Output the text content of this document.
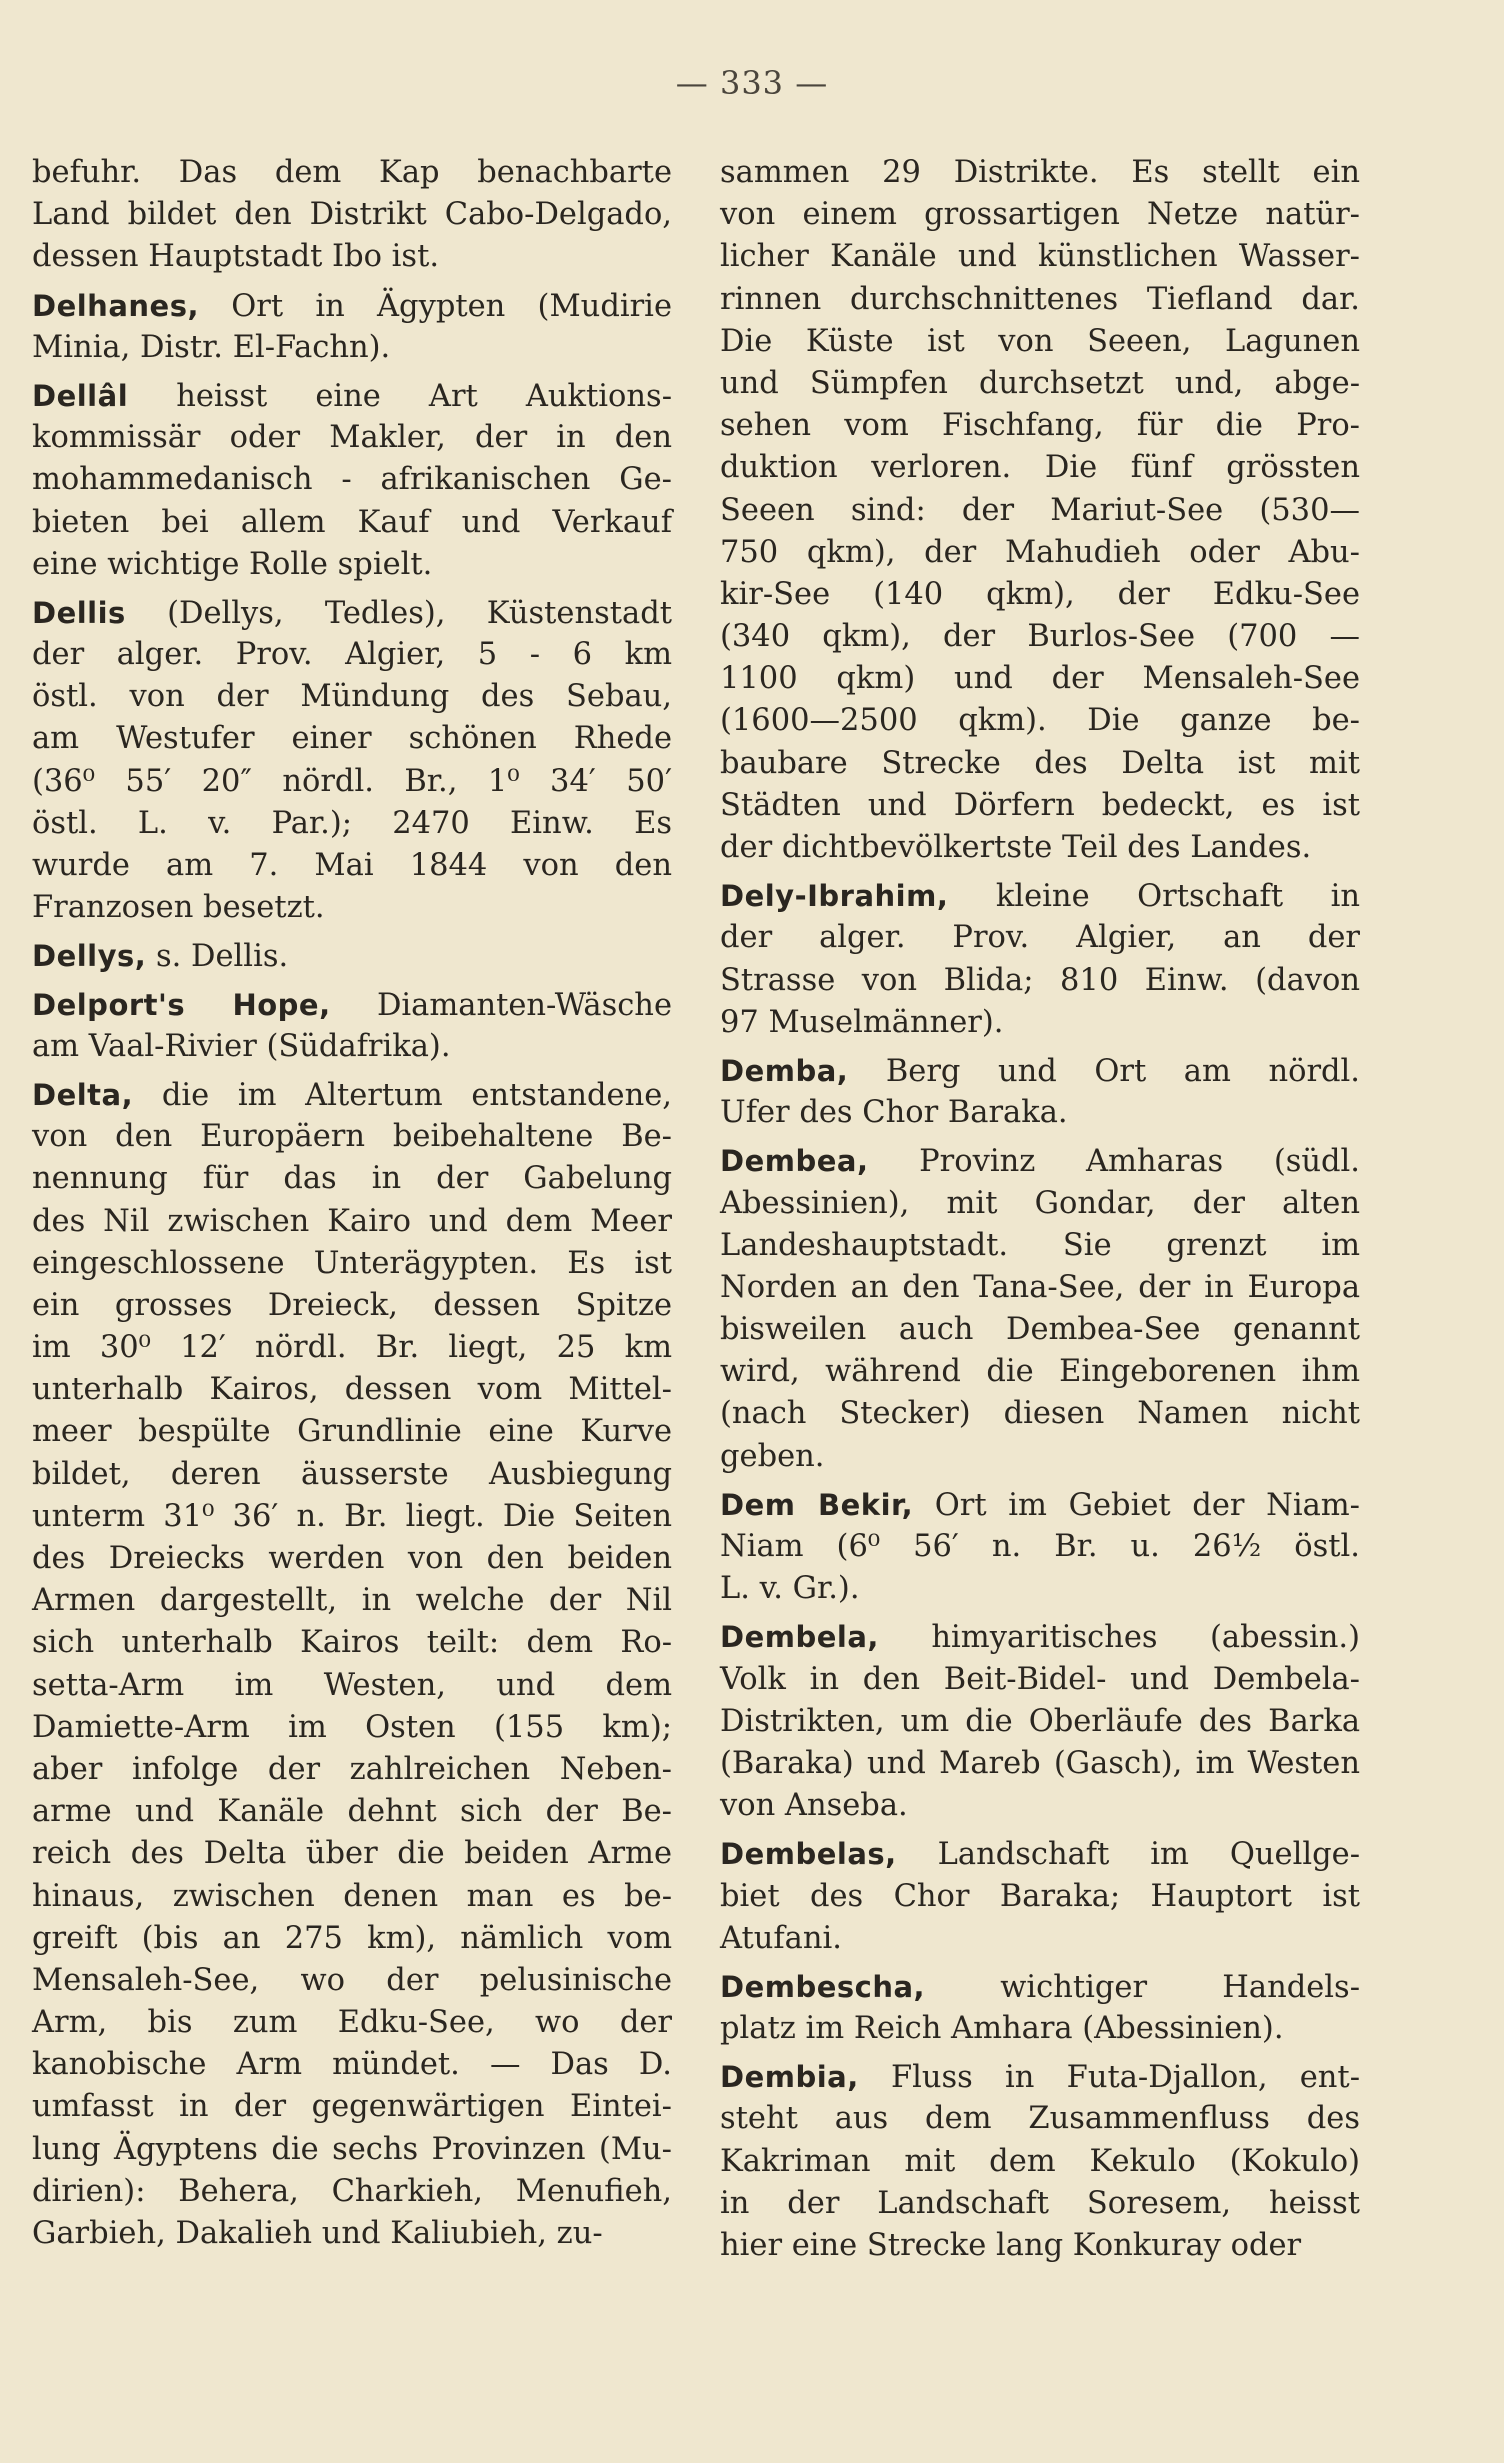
— 333 —
befuhr. Das dem Kap benachbarte
Land bildet den Distrikt Cabo-Delgado,
dessen Hauptstadt Ibo ist.
Delhanes, Ort in Ägypten (Mudirie
Minia, Distr. El-Fachn).
Dellâl heisst eine Art Auktions-
kommissär oder Makler, der in den
mohammedanisch - afrikanischen Ge-
bieten bei allem Kauf und Verkauf
eine wichtige Rolle spielt.
Dellis (Dellys, Tedles), Küstenstadt
der alger. Prov. Algier, 5 - 6 km
östl. von der Mündung des Sebau,
am Westufer einer schönen Rhede
(36⁰ 55′ 20″ nördl. Br., 1⁰ 34′ 50′
östl. L. v. Par.); 2470 Einw. Es
wurde am 7. Mai 1844 von den
Franzosen besetzt.
Dellys, s. Dellis.
Delport's Hope, Diamanten-Wäsche
am Vaal-Rivier (Südafrika).
Delta, die im Altertum entstandene,
von den Europäern beibehaltene Be-
nennung für das in der Gabelung
des Nil zwischen Kairo und dem Meer
eingeschlossene Unterägypten. Es ist
ein grosses Dreieck, dessen Spitze
im 30⁰ 12′ nördl. Br. liegt, 25 km
unterhalb Kairos, dessen vom Mittel-
meer bespülte Grundlinie eine Kurve
bildet, deren äusserste Ausbiegung
unterm 31⁰ 36′ n. Br. liegt. Die Seiten
des Dreiecks werden von den beiden
Armen dargestellt, in welche der Nil
sich unterhalb Kairos teilt: dem Ro-
setta-Arm im Westen, und dem
Damiette-Arm im Osten (155 km);
aber infolge der zahlreichen Neben-
arme und Kanäle dehnt sich der Be-
reich des Delta über die beiden Arme
hinaus, zwischen denen man es be-
greift (bis an 275 km), nämlich vom
Mensaleh-See, wo der pelusinische
Arm, bis zum Edku-See, wo der
kanobische Arm mündet. — Das D.
umfasst in der gegenwärtigen Eintei-
lung Ägyptens die sechs Provinzen (Mu-
dirien): Behera, Charkieh, Menufieh,
Garbieh, Dakalieh und Kaliubieh, zu-
sammen 29 Distrikte. Es stellt ein
von einem grossartigen Netze natür-
licher Kanäle und künstlichen Wasser-
rinnen durchschnittenes Tiefland dar.
Die Küste ist von Seeen, Lagunen
und Sümpfen durchsetzt und, abge-
sehen vom Fischfang, für die Pro-
duktion verloren. Die fünf grössten
Seeen sind: der Mariut-See (530—
750 qkm), der Mahudieh oder Abu-
kir-See (140 qkm), der Edku-See
(340 qkm), der Burlos-See (700 —
1100 qkm) und der Mensaleh-See
(1600—2500 qkm). Die ganze be-
baubare Strecke des Delta ist mit
Städten und Dörfern bedeckt, es ist
der dichtbevölkertste Teil des Landes.
Dely-Ibrahim, kleine Ortschaft in
der alger. Prov. Algier, an der
Strasse von Blida; 810 Einw. (davon
97 Muselmänner).
Demba, Berg und Ort am nördl.
Ufer des Chor Baraka.
Dembea, Provinz Amharas (südl.
Abessinien), mit Gondar, der alten
Landeshauptstadt. Sie grenzt im
Norden an den Tana-See, der in Europa
bisweilen auch Dembea-See genannt
wird, während die Eingeborenen ihm
(nach Stecker) diesen Namen nicht
geben.
Dem Bekir, Ort im Gebiet der Niam-
Niam (6⁰ 56′ n. Br. u. 26½ östl.
L. v. Gr.).
Dembela, himyaritisches (abessin.)
Volk in den Beit-Bidel- und Dembela-
Distrikten, um die Oberläufe des Barka
(Baraka) und Mareb (Gasch), im Westen
von Anseba.
Dembelas, Landschaft im Quellge-
biet des Chor Baraka; Hauptort ist
Atufani.
Dembescha, wichtiger Handels-
platz im Reich Amhara (Abessinien).
Dembia, Fluss in Futa-Djallon, ent-
steht aus dem Zusammenfluss des
Kakriman mit dem Kekulo (Kokulo)
in der Landschaft Soresem, heisst
hier eine Strecke lang Konkuray oder
